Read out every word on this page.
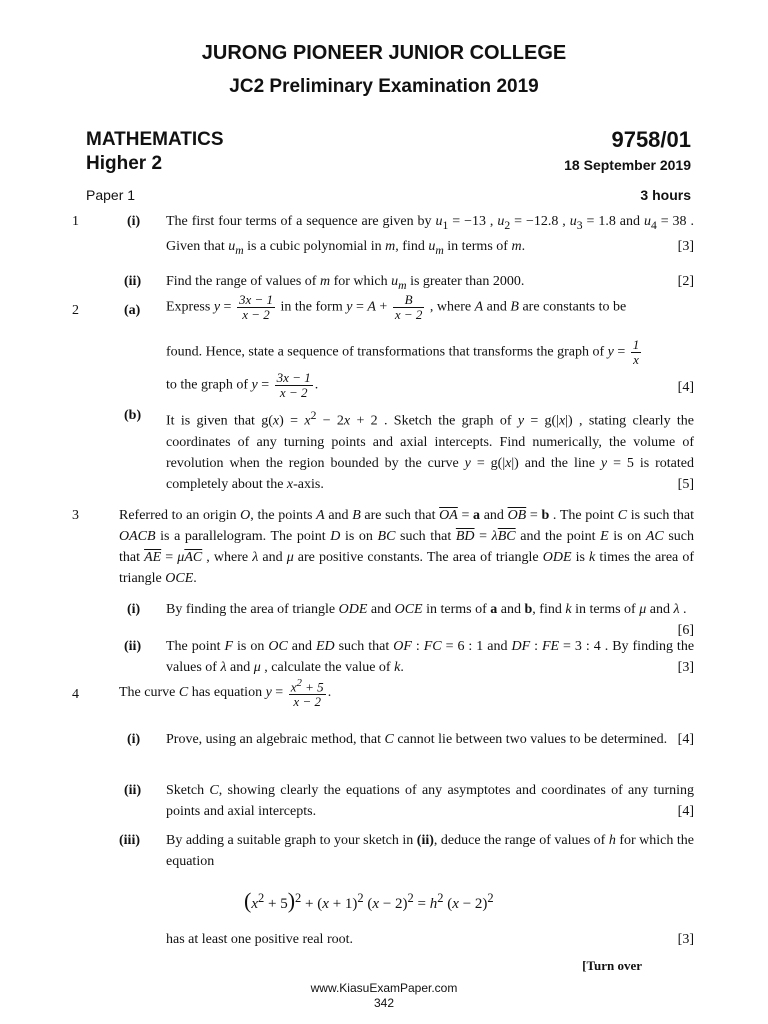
JURONG PIONEER JUNIOR COLLEGE
JC2 Preliminary Examination 2019
MATHEMATICS	9758/01
Higher 2	18 September 2019
Paper 1	3 hours
1	(i) The first four terms of a sequence are given by $u_1 = -13$ , $u_2 = -12.8$ , $u_3 = 1.8$ and $u_4 = 38$ . Given that $u_m$ is a cubic polynomial in m, find $u_m$ in terms of m.	[3]
(ii) Find the range of values of m for which $u_m$ is greater than 2000.	[2]
2	(a) Express $y = \frac{3x - 1}{x - 2}$ in the form $y = A + \frac{B}{x - 2}$ , where A and B are constants to be
found. Hence, state a sequence of transformations that transforms the graph of $y = \frac{1}{x}$
to the graph of $y = \frac{3x - 1}{x - 2}$ .	[4]
(b) It is given that $g(x) = x^2 - 2x + 2$ . Sketch the graph of y = g(|x|) , stating clearly the coordinates of any turning points and axial intercepts. Find numerically, the volume of revolution when the region bounded by the curve y = g(|x|) and the line y = 5 is rotated completely about the x-axis.	[5]
3	Referred to an origin O, the points A and B are such that $\overline{OA} = a$ and $\overline{OB} = b$ . The point C is such that OACB is a parallelogram. The point D is on BC such that $\overline{BD} = \lambda\overline{BC}$ and the point E is on AC such that $\overline{AE} = \mu\overline{AC}$ , where λ and μ are positive constants. The area of triangle ODE is k times the area of triangle OCE.
(i) By finding the area of triangle ODE and OCE in terms of a and b, find k in terms of μ and λ .
[6]
(ii) The point F is on OC and ED such that OF : FC = 6 : 1 and DF : FE = 3 : 4 . By finding the values of λ and μ , calculate the value of k.	[3]
4	The curve C has equation $y = \frac{x^2 + 5}{x - 2}$ .
(i) Prove, using an algebraic method, that C cannot lie between two values to be determined. [4]
(ii) Sketch C, showing clearly the equations of any asymptotes and coordinates of any turning points and axial intercepts.	[4]
(iii) By adding a suitable graph to your sketch in (ii), deduce the range of values of h for which the equation
$(x^2 + 5)^2 + (x + 1)^2$ $(x - 2)^2 = h^2$ $(x - 2)^2$
has at least one positive real root.	[3]
[Turn over
www.KiasuExamPaper.com
342
